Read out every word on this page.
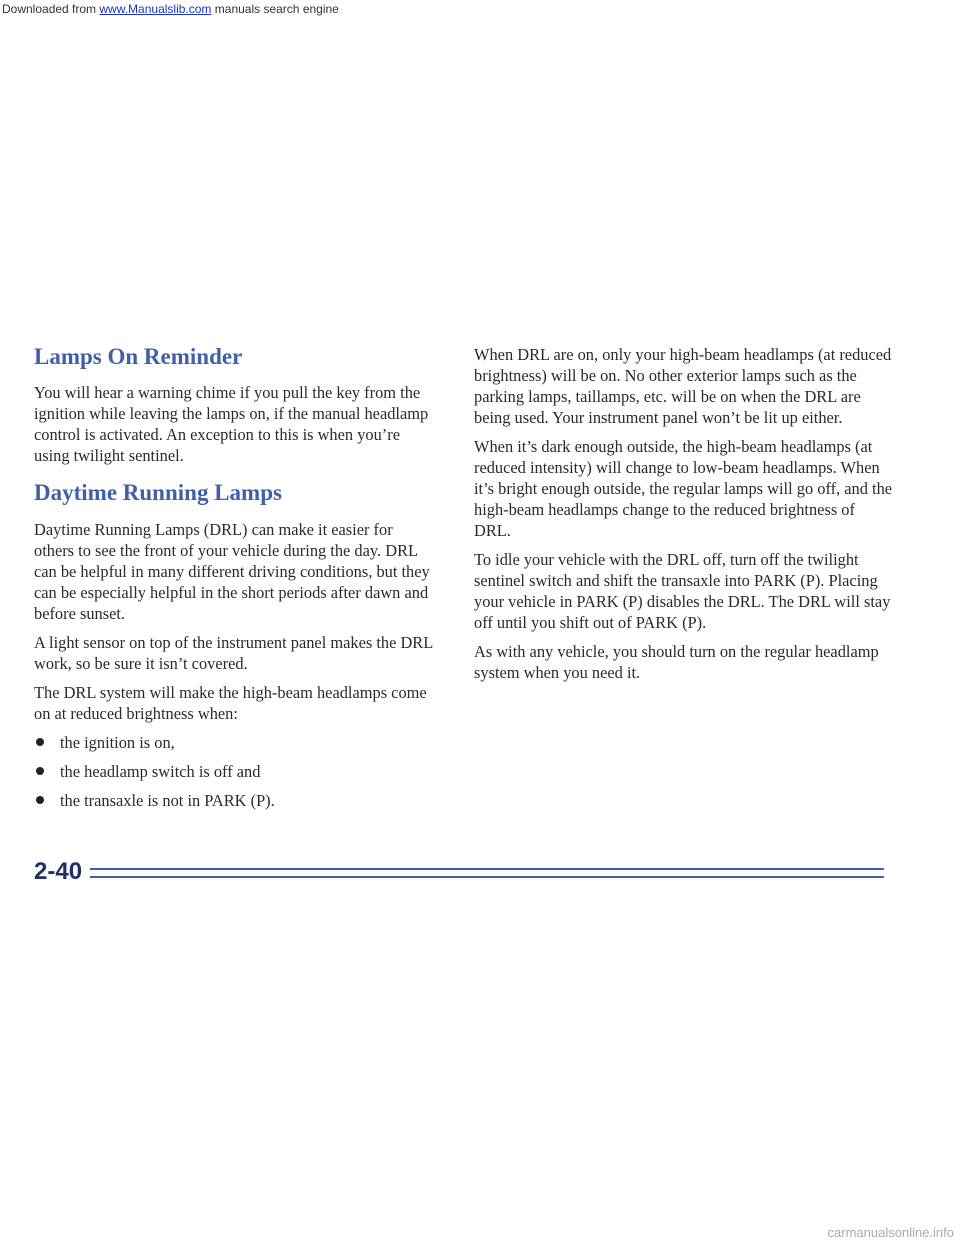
Downloaded from www.Manualslib.com manuals search engine
Lamps On Reminder

You will hear a warning chime if you pull the key from the ignition while leaving the lamps on, if the manual headlamp control is activated. An exception to this is when you’re using twilight sentinel.

Daytime Running Lamps

Daytime Running Lamps (DRL) can make it easier for others to see the front of your vehicle during the day. DRL can be helpful in many different driving conditions, but they can be especially helpful in the short periods after dawn and before sunset.

A light sensor on top of the instrument panel makes the DRL work, so be sure it isn’t covered.

The DRL system will make the high-beam headlamps come on at reduced brightness when:

the ignition is on,
the headlamp switch is off and
the transaxle is not in PARK (P).

When DRL are on, only your high-beam headlamps (at reduced brightness) will be on. No other exterior lamps such as the parking lamps, taillamps, etc. will be on when the DRL are being used. Your instrument panel won’t be lit up either.

When it’s dark enough outside, the high-beam headlamps (at reduced intensity) will change to low-beam headlamps. When it’s bright enough outside, the regular lamps will go off, and the high-beam headlamps change to the reduced brightness of DRL.

To idle your vehicle with the DRL off, turn off the twilight sentinel switch and shift the transaxle into PARK (P). Placing your vehicle in PARK (P) disables the DRL. The DRL will stay off until you shift out of PARK (P).

As with any vehicle, you should turn on the regular headlamp system when you need it.

2-40
carmanualsonline.info
